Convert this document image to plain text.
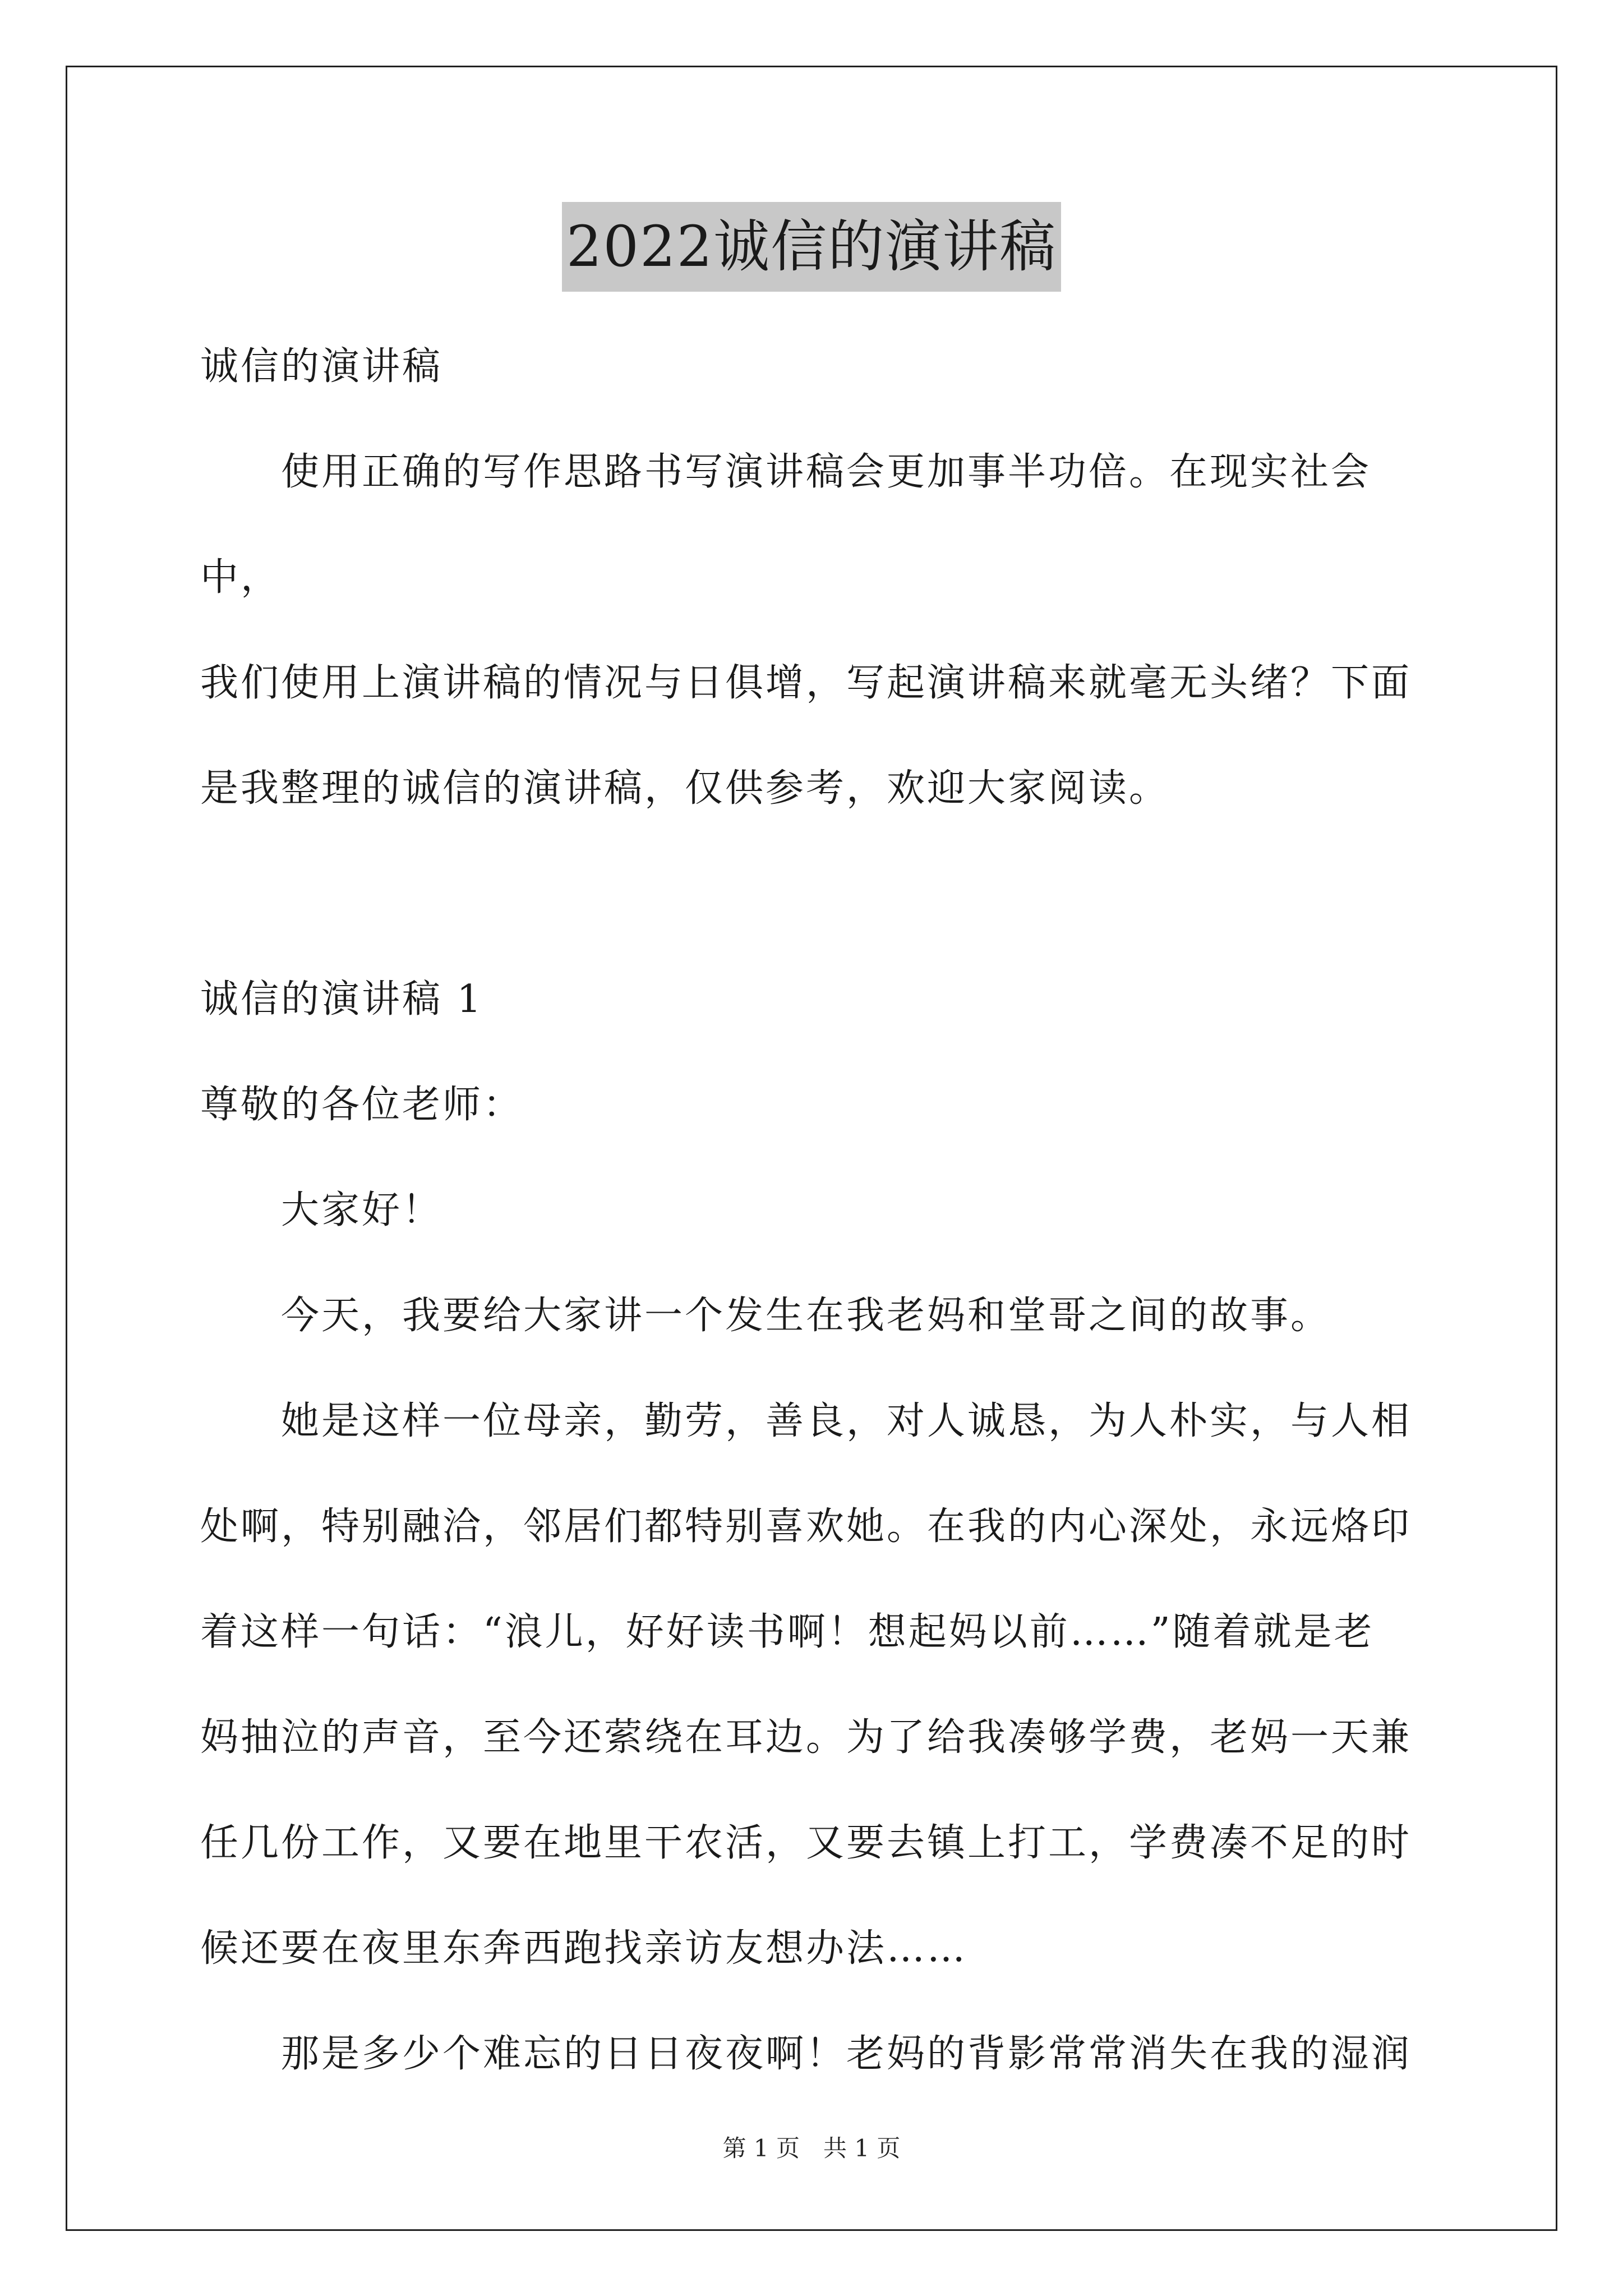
2022诚信的演讲稿

诚信的演讲稿

使用正确的写作思路书写演讲稿会更加事半功倍。在现实社会中，

我们使用上演讲稿的情况与日俱增，写起演讲稿来就毫无头绪？下面

是我整理的诚信的演讲稿，仅供参考，欢迎大家阅读。

诚信的演讲稿 1

尊敬的各位老师：

大家好！

今天，我要给大家讲一个发生在我老妈和堂哥之间的故事。

她是这样一位母亲，勤劳，善良，对人诚恳，为人朴实，与人相

处啊，特别融洽，邻居们都特别喜欢她。在我的内心深处，永远烙印

着这样一句话：“浪儿，好好读书啊！想起妈以前……”随着就是老

妈抽泣的声音，至今还萦绕在耳边。为了给我凑够学费，老妈一天兼

任几份工作，又要在地里干农活，又要去镇上打工，学费凑不足的时

候还要在夜里东奔西跑找亲访友想办法……

那是多少个难忘的日日夜夜啊！老妈的背影常常消失在我的湿润

第 1 页　共 1 页
